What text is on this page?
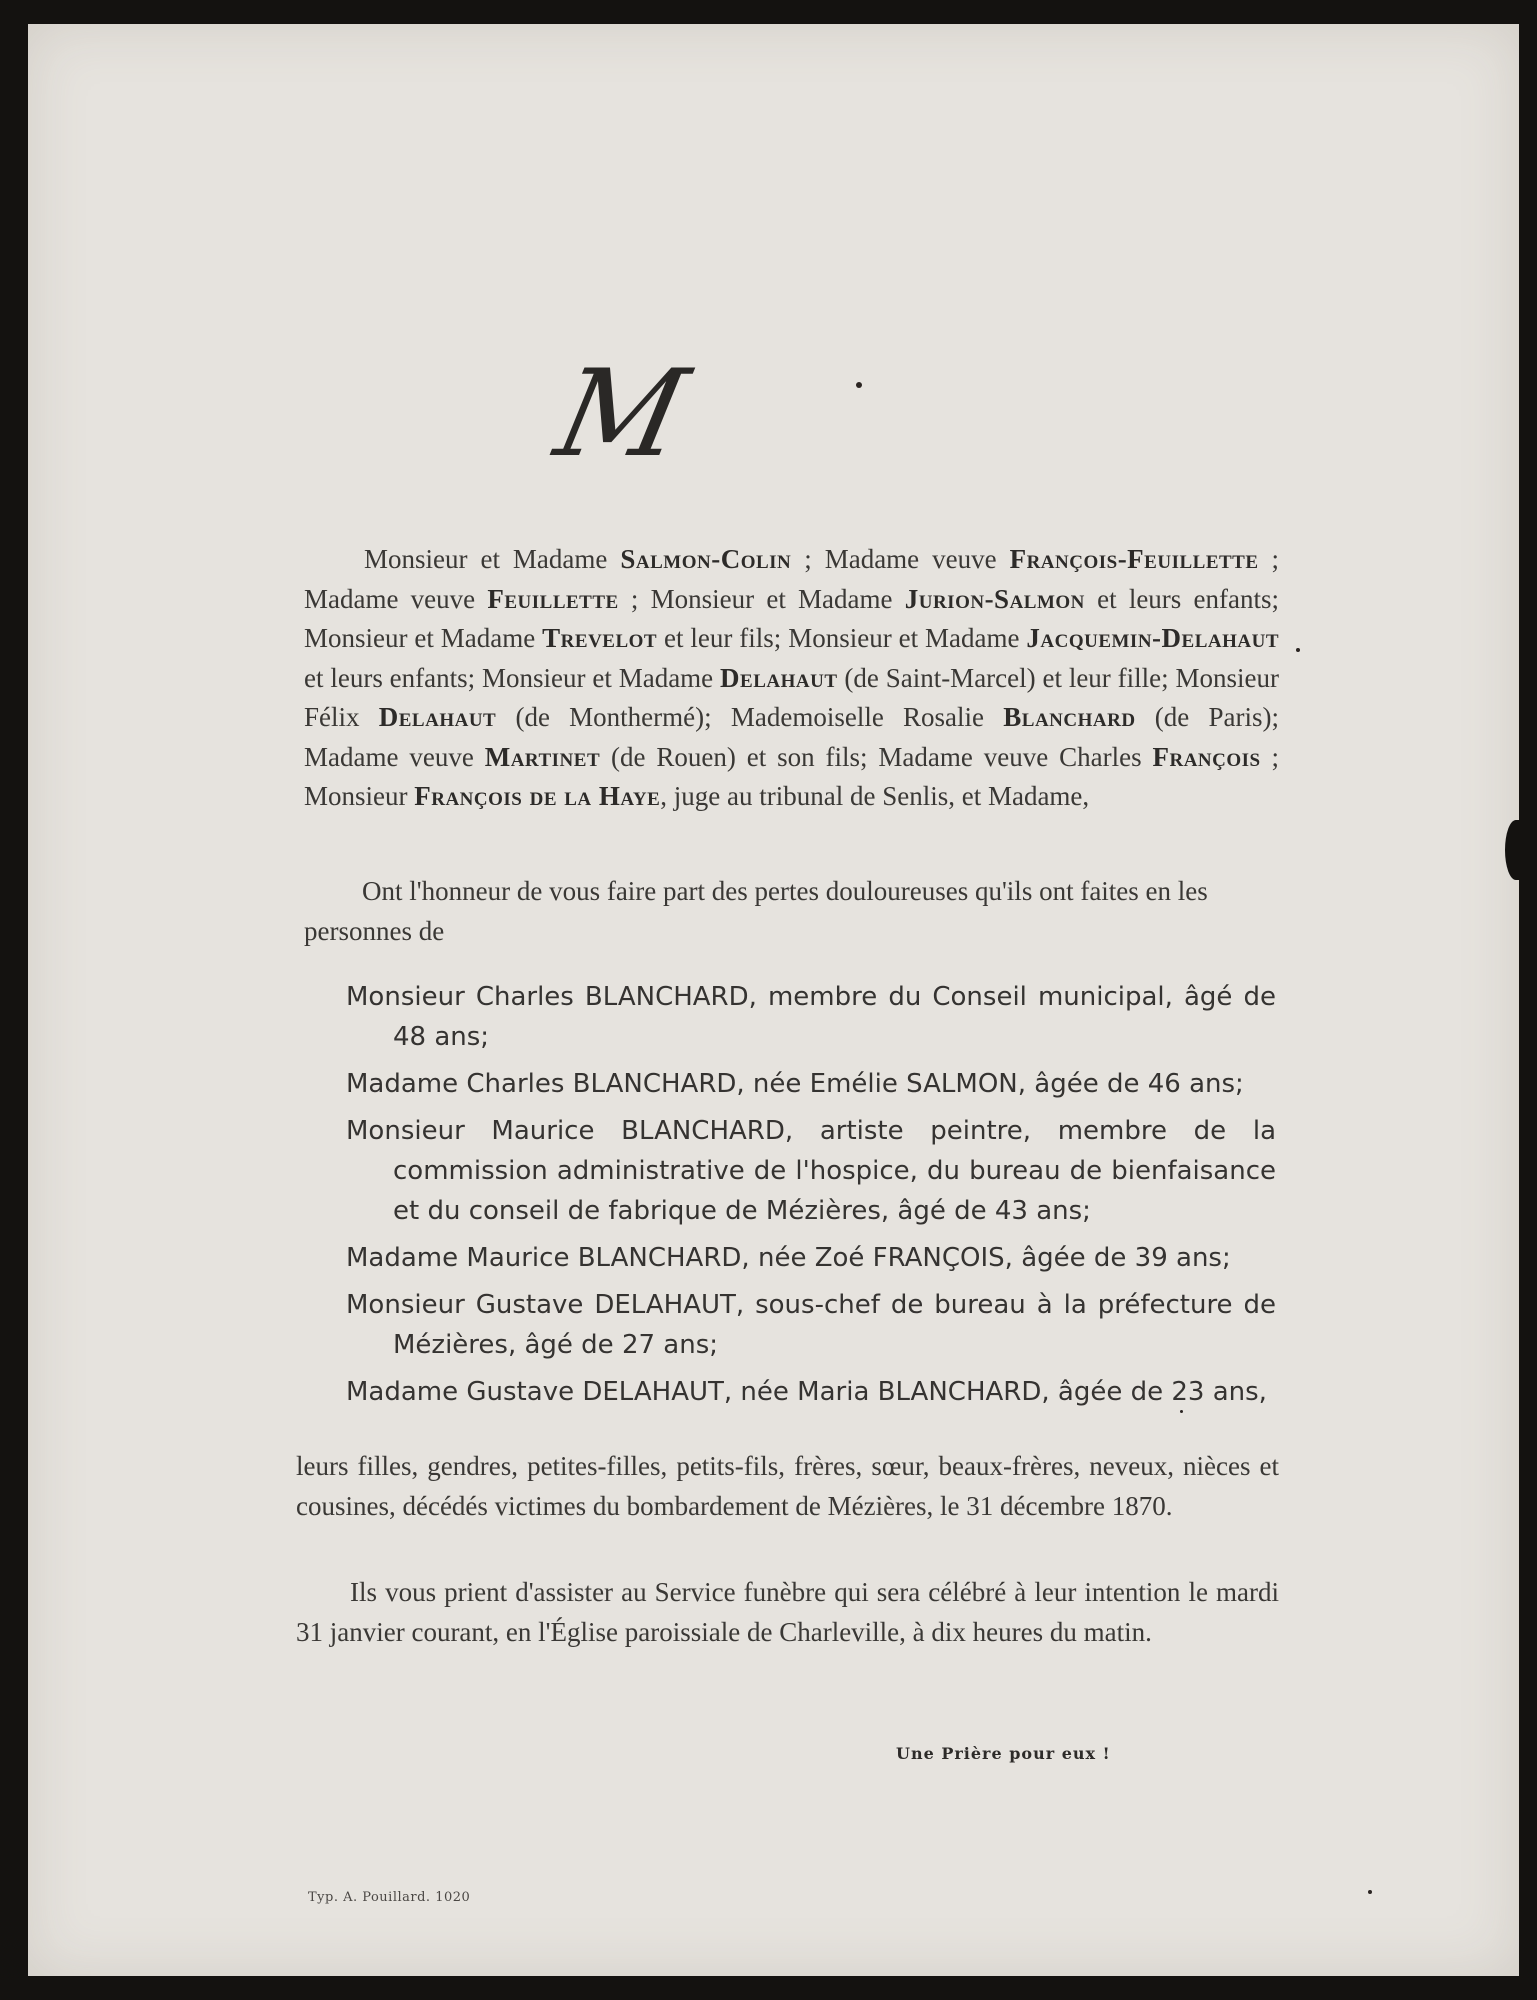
M
Monsieur et Madame Salmon-Colin ; Madame veuve François-Feuillette ; Madame veuve Feuillette ; Monsieur et Madame Jurion-Salmon et leurs enfants; Monsieur et Madame Trevelot et leur fils; Monsieur et Madame Jacquemin-Delahaut et leurs enfants; Monsieur et Madame Delahaut (de Saint-Marcel) et leur fille; Monsieur Félix Delahaut (de Monthermé); Mademoiselle Rosalie Blanchard (de Paris); Madame veuve Martinet (de Rouen) et son fils; Madame veuve Charles François ; Monsieur François de la Haye, juge au tribunal de Senlis, et Madame,
Ont l'honneur de vous faire part des pertes douloureuses qu'ils ont faites en les personnes de
Monsieur Charles BLANCHARD, membre du Conseil municipal, âgé de 48 ans;
Madame Charles BLANCHARD, née Emélie SALMON, âgée de 46 ans;
Monsieur Maurice BLANCHARD, artiste peintre, membre de la commission administrative de l'hospice, du bureau de bienfaisance et du conseil de fabrique de Mézières, âgé de 43 ans;
Madame Maurice BLANCHARD, née Zoé FRANÇOIS, âgée de 39 ans;
Monsieur Gustave DELAHAUT, sous-chef de bureau à la préfecture de Mézières, âgé de 27 ans;
Madame Gustave DELAHAUT, née Maria BLANCHARD, âgée de 23 ans,
leurs filles, gendres, petites-filles, petits-fils, frères, sœur, beaux-frères, neveux, nièces et cousines, décédés victimes du bombardement de Mézières, le 31 décembre 1870.
Ils vous prient d'assister au Service funèbre qui sera célébré à leur intention le mardi 31 janvier courant, en l'Église paroissiale de Charleville, à dix heures du matin.
Une Prière pour eux !
Typ. A. Pouillard. 1020
